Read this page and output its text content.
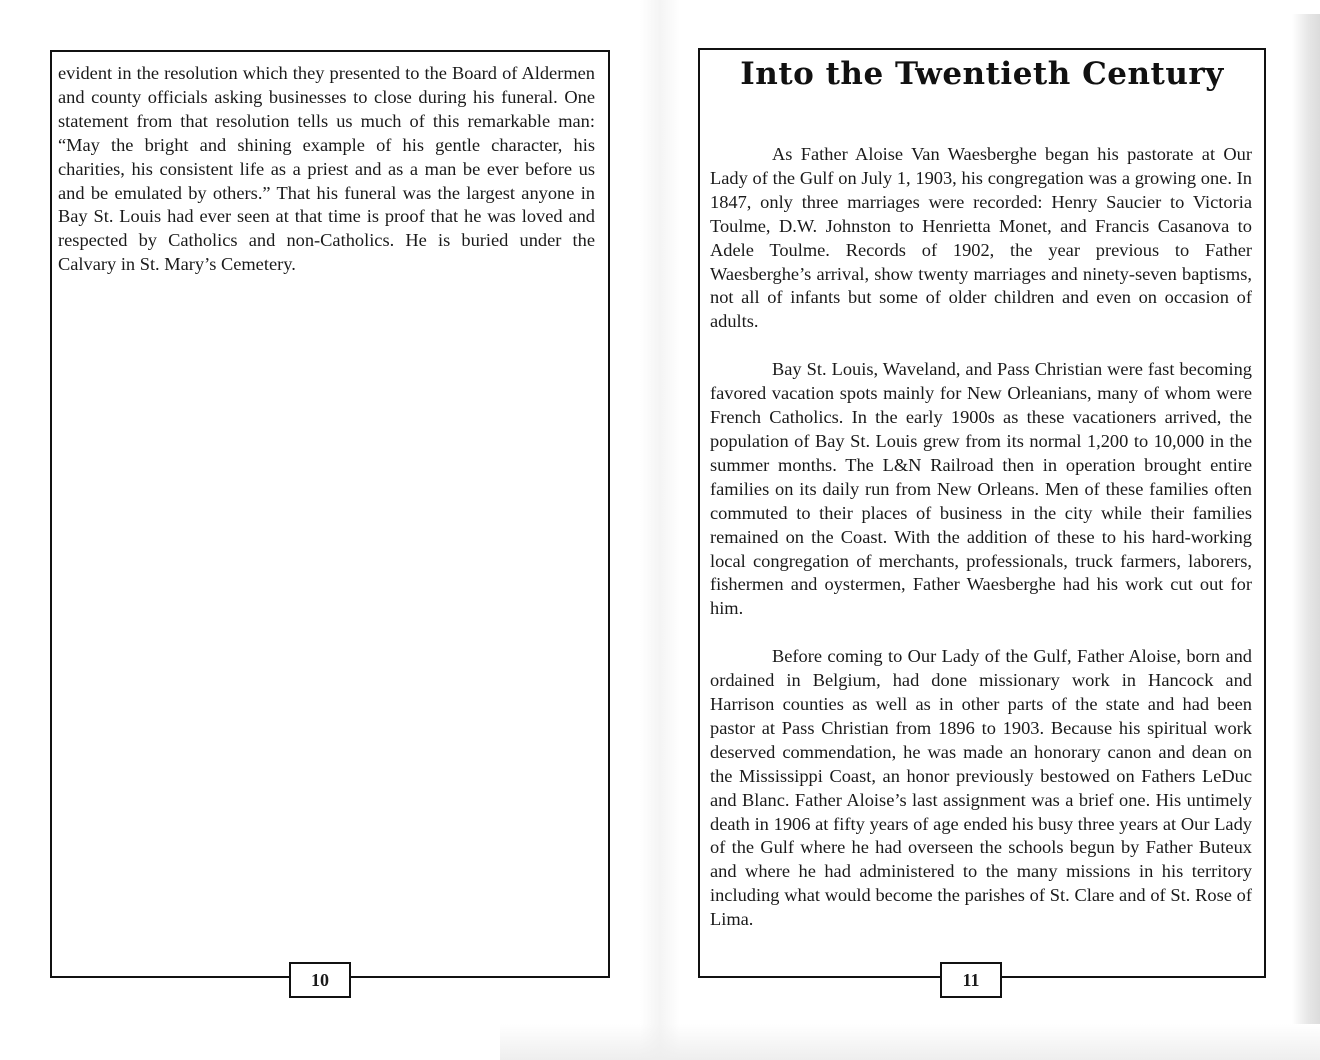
evident in the resolution which they presented to the Board of Aldermen and county officials asking businesses to close during his funeral. One statement from that resolution tells us much of this remarkable man: “May the bright and shining example of his gentle character, his charities, his consistent life as a priest and as a man be ever before us and be emulated by others.” That his funeral was the largest anyone in Bay St. Louis had ever seen at that time is proof that he was loved and respected by Catholics and non-Catholics. He is buried under the Calvary in St. Mary’s Cemetery.

10
Into the Twentieth Century

As Father Aloise Van Waesberghe began his pastorate at Our Lady of the Gulf on July 1, 1903, his congregation was a growing one. In 1847, only three marriages were recorded: Henry Saucier to Victoria Toulme, D.W. Johnston to Henrietta Monet, and Francis Casanova to Adele Toulme. Records of 1902, the year previous to Father Waesberghe’s arrival, show twenty marriages and ninety-seven baptisms, not all of infants but some of older children and even on occasion of adults.

Bay St. Louis, Waveland, and Pass Christian were fast becoming favored vacation spots mainly for New Orleanians, many of whom were French Catholics. In the early 1900s as these vacationers arrived, the population of Bay St. Louis grew from its normal 1,200 to 10,000 in the summer months. The L&N Railroad then in operation brought entire families on its daily run from New Orleans. Men of these families often commuted to their places of business in the city while their families remained on the Coast. With the addition of these to his hard-working local congregation of merchants, professionals, truck farmers, laborers, fishermen and oystermen, Father Waesberghe had his work cut out for him.

Before coming to Our Lady of the Gulf, Father Aloise, born and ordained in Belgium, had done missionary work in Hancock and Harrison counties as well as in other parts of the state and had been pastor at Pass Christian from 1896 to 1903. Because his spiritual work deserved commendation, he was made an honorary canon and dean on the Mississippi Coast, an honor previously bestowed on Fathers LeDuc and Blanc. Father Aloise’s last assignment was a brief one. His untimely death in 1906 at fifty years of age ended his busy three years at Our Lady of the Gulf where he had overseen the schools begun by Father Buteux and where he had administered to the many missions in his territory including what would become the parishes of St. Clare and of St. Rose of Lima.

11
